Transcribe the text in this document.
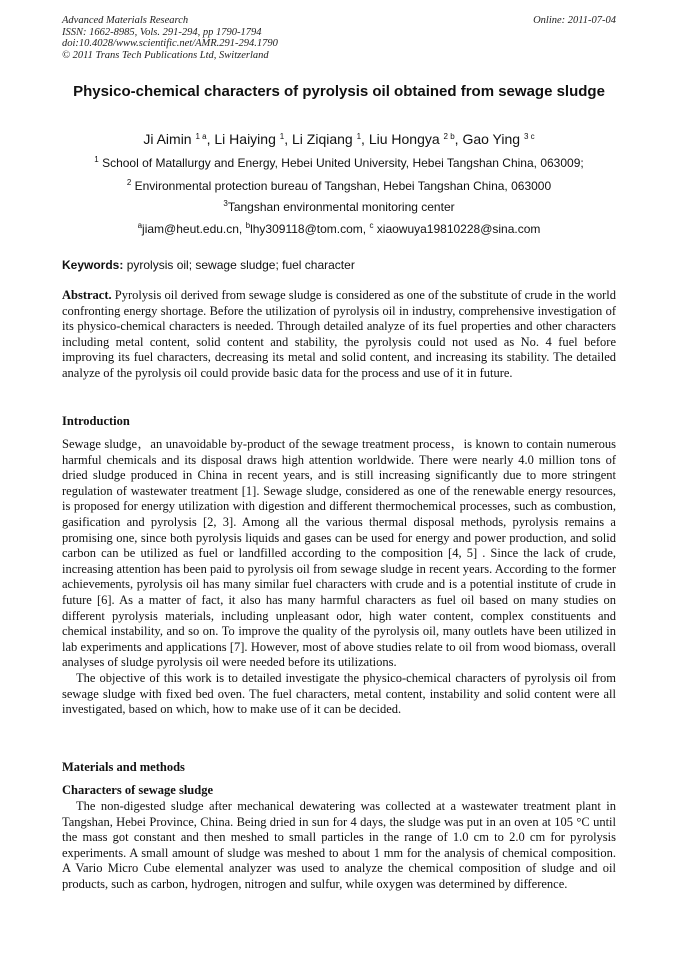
Advanced Materials Research
ISSN: 1662-8985, Vols. 291-294, pp 1790-1794
doi:10.4028/www.scientific.net/AMR.291-294.1790
© 2011 Trans Tech Publications Ltd, Switzerland
Online: 2011-07-04
Physico-chemical characters of pyrolysis oil obtained from sewage sludge
Ji Aimin $^{1 a}$, Li Haiying $^1$, Li Ziqiang $^1$, Liu Hongya $^{2 b}$, Gao Ying $^{3 c}$
$^1$ School of Matallurgy and Energy, Hebei United University, Hebei Tangshan China, 063009;
$^2$ Environmental protection bureau of Tangshan, Hebei Tangshan China, 063000
$^3$Tangshan environmental monitoring center
$^a$jiam@heut.edu.cn, $^b$lhy309118@tom.com, $^c$ xiaowuya19810228@sina.com
Keywords: pyrolysis oil; sewage sludge; fuel character

Abstract. Pyrolysis oil derived from sewage sludge is considered as one of the substitute of crude in the world confronting energy shortage. Before the utilization of pyrolysis oil in industry, comprehensive investigation of its physico-chemical characters is needed. Through detailed analyze of its fuel properties and other characters including metal content, solid content and stability, the pyrolysis could not used as No. 4 fuel before improving its fuel characters, decreasing its metal and solid content, and increasing its stability. The detailed analyze of the pyrolysis oil could provide basic data for the process and use of it in future.

Introduction

Sewage sludge，an unavoidable by-product of the sewage treatment process，is known to contain numerous harmful chemicals and its disposal draws high attention worldwide. There were nearly 4.0 million tons of dried sludge produced in China in recent years, and is still increasing significantly due to more stringent regulation of wastewater treatment [1]. Sewage sludge, considered as one of the renewable energy resources, is proposed for energy utilization with digestion and different thermochemical processes, such as combustion, gasification and pyrolysis [2, 3]. Among all the various thermal disposal methods, pyrolysis remains a promising one, since both pyrolysis liquids and gases can be used for energy and power production, and solid carbon can be utilized as fuel or landfilled according to the composition [4, 5] . Since the lack of crude, increasing attention has been paid to pyrolysis oil from sewage sludge in recent years. According to the former achievements, pyrolysis oil has many similar fuel characters with crude and is a potential institute of crude in future [6]. As a matter of fact, it also has many harmful characters as fuel oil based on many studies on different pyrolysis materials, including unpleasant odor, high water content, complex constituents and chemical instability, and so on. To improve the quality of the pyrolysis oil, many outlets have been utilized in lab experiments and applications [7]. However, most of above studies relate to oil from wood biomass, overall analyses of sludge pyrolysis oil were needed before its utilizations.

The objective of this work is to detailed investigate the physico-chemical characters of pyrolysis oil from sewage sludge with fixed bed oven. The fuel characters, metal content, instability and solid content were all investigated, based on which, how to make use of it can be decided.

Materials and methods
Characters of sewage sludge

The non-digested sludge after mechanical dewatering was collected at a wastewater treatment plant in Tangshan, Hebei Province, China. Being dried in sun for 4 days, the sludge was put in an oven at 105 °C until the mass got constant and then meshed to small particles in the range of 1.0 cm to 2.0 cm for pyrolysis experiments. A small amount of sludge was meshed to about 1 mm for the analysis of chemical composition. A Vario Micro Cube elemental analyzer was used to analyze the chemical composition of sludge and oil products, such as carbon, hydrogen, nitrogen and sulfur, while oxygen was determined by difference.
